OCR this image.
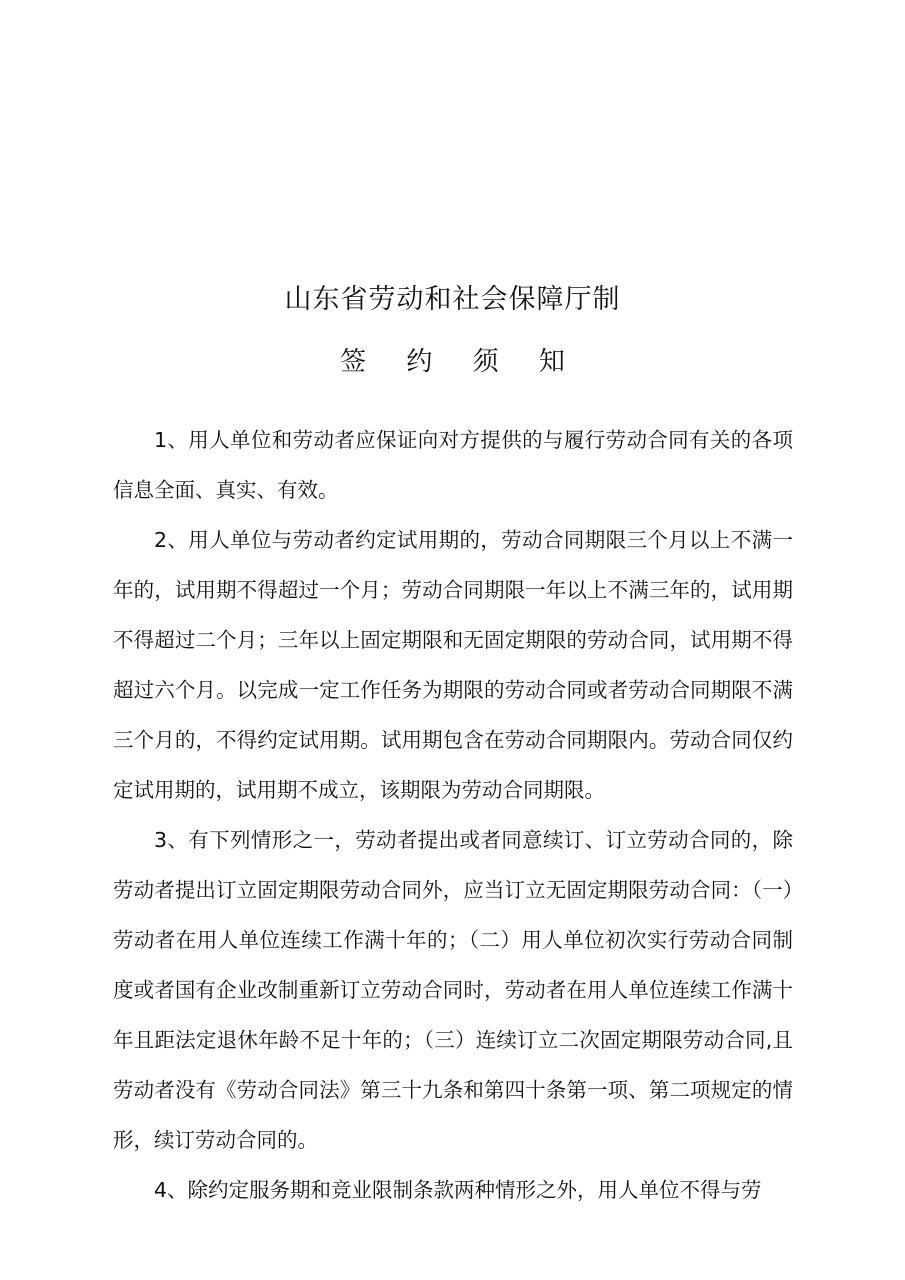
山东省劳动和社会保障厅制
签 约 须 知

1、用人单位和劳动者应保证向对方提供的与履行劳动合同有关的各项信息全面、真实、有效。

2、用人单位与劳动者约定试用期的，劳动合同期限三个月以上不满一年的，试用期不得超过一个月；劳动合同期限一年以上不满三年的，试用期不得超过二个月；三年以上固定期限和无固定期限的劳动合同，试用期不得超过六个月。以完成一定工作任务为期限的劳动合同或者劳动合同期限不满三个月的，不得约定试用期。试用期包含在劳动合同期限内。劳动合同仅约定试用期的，试用期不成立，该期限为劳动合同期限。

3、有下列情形之一，劳动者提出或者同意续订、订立劳动合同的，除劳动者提出订立固定期限劳动合同外，应当订立无固定期限劳动合同：（一）劳动者在用人单位连续工作满十年的；（二）用人单位初次实行劳动合同制度或者国有企业改制重新订立劳动合同时，劳动者在用人单位连续工作满十年且距法定退休年龄不足十年的；（三）连续订立二次固定期限劳动合同,且劳动者没有《劳动合同法》第三十九条和第四十条第一项、第二项规定的情形，续订劳动合同的。

4、除约定服务期和竞业限制条款两种情形之外，用人单位不得与劳
